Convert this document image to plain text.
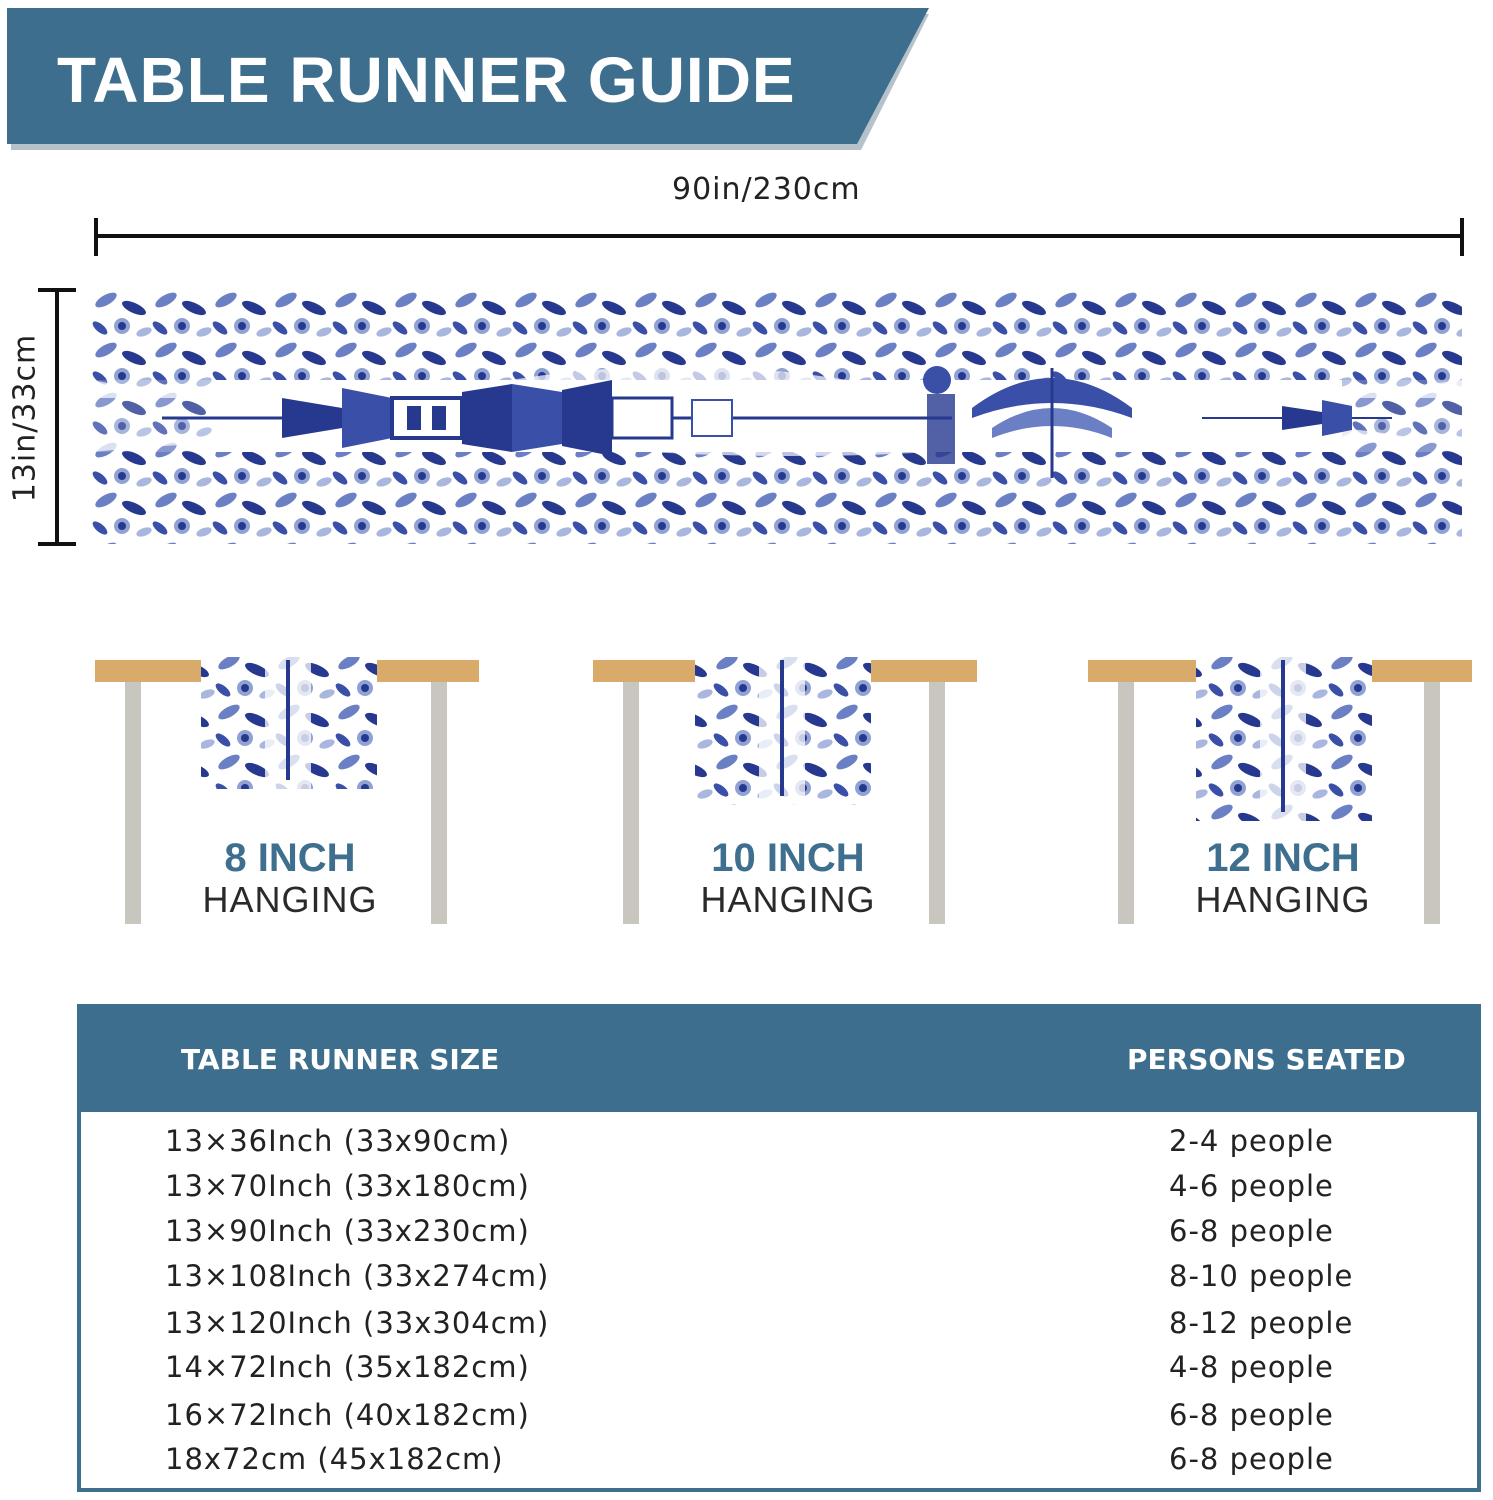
TABLE RUNNER GUIDE
90in/230cm
13in/33cm
8 INCH
HANGING
10 INCH
HANGING
12 INCH
HANGING
TABLE RUNNER SIZE	PERSONS SEATED
13×36Inch (33x90cm)	2-4 people
13×70Inch (33x180cm)	4-6 people
13×90Inch (33x230cm)	6-8 people
13×108Inch (33x274cm)	8-10 people
13×120Inch (33x304cm)	8-12 people
14×72Inch (35x182cm)	4-8 people
16×72Inch (40x182cm)	6-8 people
18x72cm (45x182cm)	6-8 people
